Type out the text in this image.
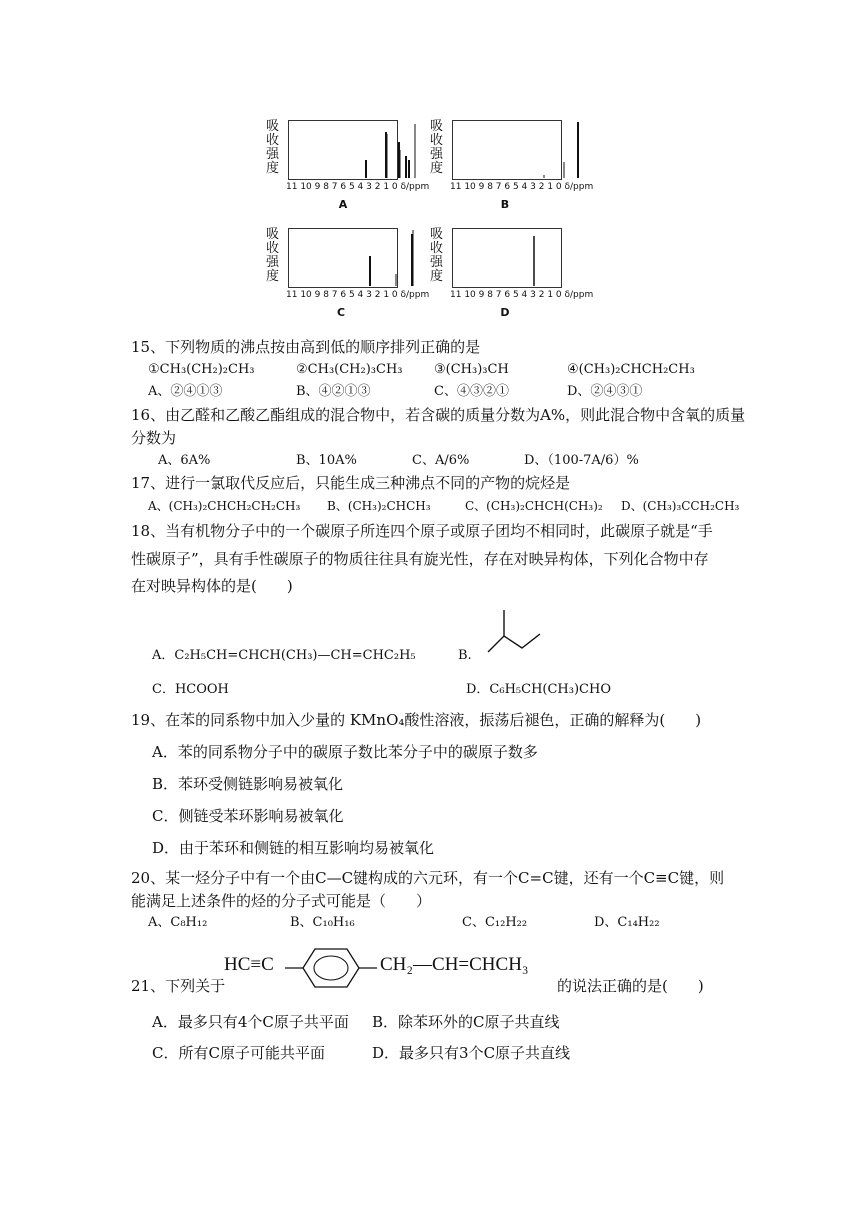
吸收强度
11 10 9 8 7 6 5 4 3 2 1 0 δ/ppm
A
吸收强度
11 10 9 8 7 6 5 4 3 2 1 0 δ/ppm
B
吸收强度
11 10 9 8 7 6 5 4 3 2 1 0 δ/ppm
C
吸收强度
11 10 9 8 7 6 5 4 3 2 1 0 δ/ppm
D
15、下列物质的沸点按由高到低的顺序排列正确的是
①CH₃(CH₂)₂CH₃	②CH₃(CH₂)₃CH₃ ③(CH₃)₃CH	④(CH₃)₂CHCH₂CH₃
A、②④①③	B、④②①③	C、④③②①	D、②④③①
16、由乙醛和乙酸乙酯组成的混合物中，若含碳的质量分数为A%，则此混合物中含氧的质量
分数为
A、6A%	B、10A%	C、A/6%	D、（100-7A/6）%
17、进行一氯取代反应后，只能生成三种沸点不同的产物的烷烃是
A、(CH₃)₂CHCH₂CH₂CH₃ B、(CH₃)₂CHCH₃	C、(CH₃)₂CHCH(CH₃)₂ D、(CH₃)₃CCH₂CH₃
18、当有机物分子中的一个碳原子所连四个原子或原子团均不相同时，此碳原子就是“手
性碳原子”，具有手性碳原子的物质往往具有旋光性，存在对映异构体，下列化合物中存
在对映异构体的是(　　)
A．C₂H₅CH=CHCH(CH₃)—CH=CHC₂H₅	B.
C．HCOOH	D．C₆H₅CH(CH₃)CHO
19、在苯的同系物中加入少量的 KMnO₄酸性溶液，振荡后褪色，正确的解释为(　　)
A．苯的同系物分子中的碳原子数比苯分子中的碳原子数多
B．苯环受侧链影响易被氧化
C．侧链受苯环影响易被氧化
D．由于苯环和侧链的相互影响均易被氧化
20、某一烃分子中有一个由C—C键构成的六元环，有一个C=C键，还有一个C≡C键，则
能满足上述条件的烃的分子式可能是（　　）
A、C₈H₁₂	B、C₁₀H₁₆	C、C₁₂H₂₂	D、C₁₄H₂₂
HC≡C	CH₂—CH=CHCH₃
21、下列关于	的说法正确的是(　　)
A．最多只有4个C原子共平面 B．除苯环外的C原子共直线
C．所有C原子可能共平面	D．最多只有3个C原子共直线
